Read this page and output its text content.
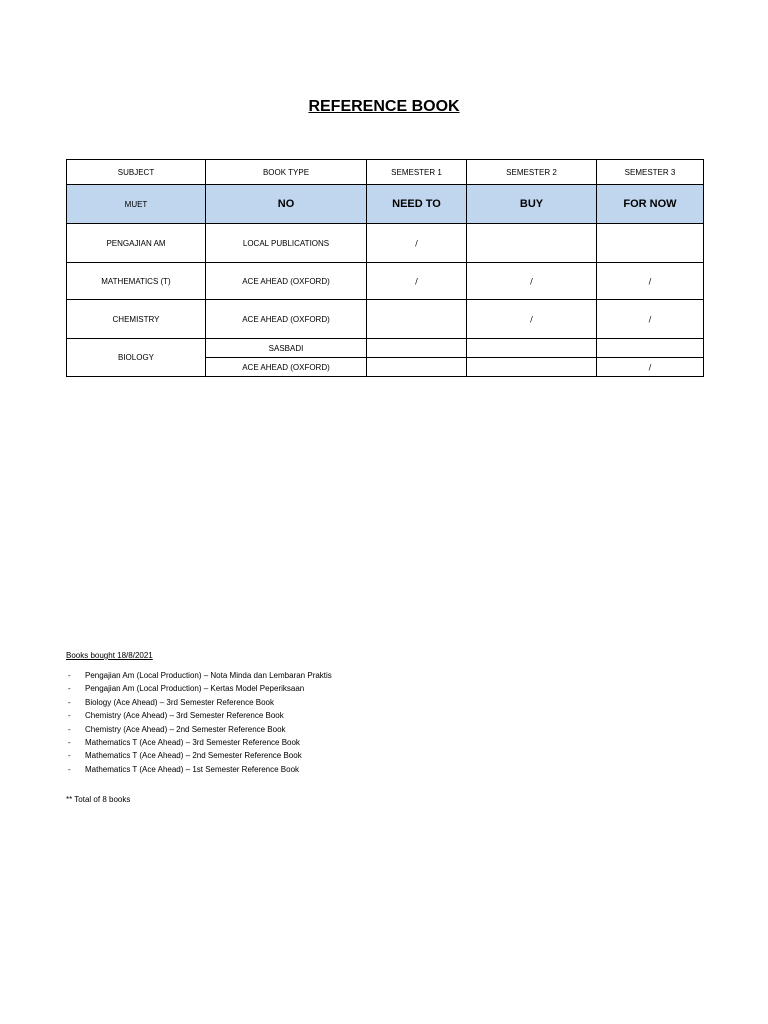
REFERENCE BOOK
SUBJECT	BOOK TYPE	SEMESTER 1	SEMESTER 2	SEMESTER 3
MUET	NO	NEED TO	BUY	FOR NOW
PENGAJIAN AM	LOCAL PUBLICATIONS	/		
MATHEMATICS (T)	ACE AHEAD (OXFORD)	/	/	/
CHEMISTRY	ACE AHEAD (OXFORD)		/	/
BIOLOGY	SASBADI			
	ACE AHEAD (OXFORD)			/
Books bought 18/8/2021
- Pengajian Am (Local Production) – Nota Minda dan Lembaran Praktis
- Pengajian Am (Local Production) – Kertas Model Peperiksaan
- Biology (Ace Ahead) – 3rd Semester Reference Book
- Chemistry (Ace Ahead) – 3rd Semester Reference Book
- Chemistry (Ace Ahead) – 2nd Semester Reference Book
- Mathematics T (Ace Ahead) – 3rd Semester Reference Book
- Mathematics T (Ace Ahead) – 2nd Semester Reference Book
- Mathematics T (Ace Ahead) – 1st Semester Reference Book
** Total of 8 books
